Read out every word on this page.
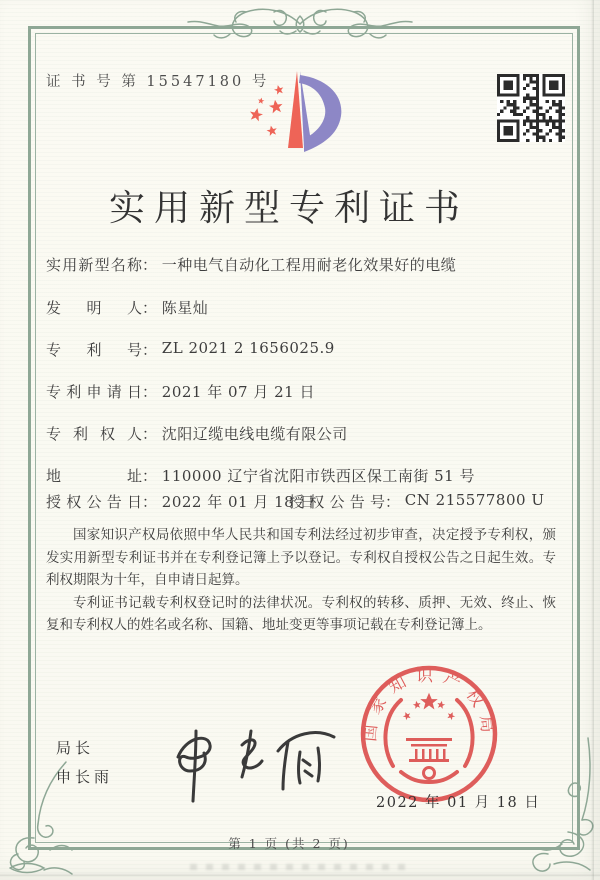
证 书 号 第 15547180 号
实用新型专利证书
实用新型名称： 一种电气自动化工程用耐老化效果好的电缆
发明人： 陈星灿
专利号： ZL 2021 2 1656025.9
专利申请日： 2021 年 07 月 21 日
专利权人： 沈阳辽缆电线电缆有限公司
地址： 110000 辽宁省沈阳市铁西区保工南街 51 号
授权公告日： 2022 年 01 月 18 日
授权公告号： CN 215577800 U

国家知识产权局依照中华人民共和国专利法经过初步审查，决定授予专利权，颁发实用新型专利证书并在专利登记簿上予以登记。专利权自授权公告之日起生效。专利权期限为十年，自申请日起算。

专利证书记载专利权登记时的法律状况。专利权的转移、质押、无效、终止、恢复和专利权人的姓名或名称、国籍、地址变更等事项记载在专利登记簿上。

局长
申长雨
国家知识产权局
2022 年 01 月 18 日
第 1 页 (共 2 页)
